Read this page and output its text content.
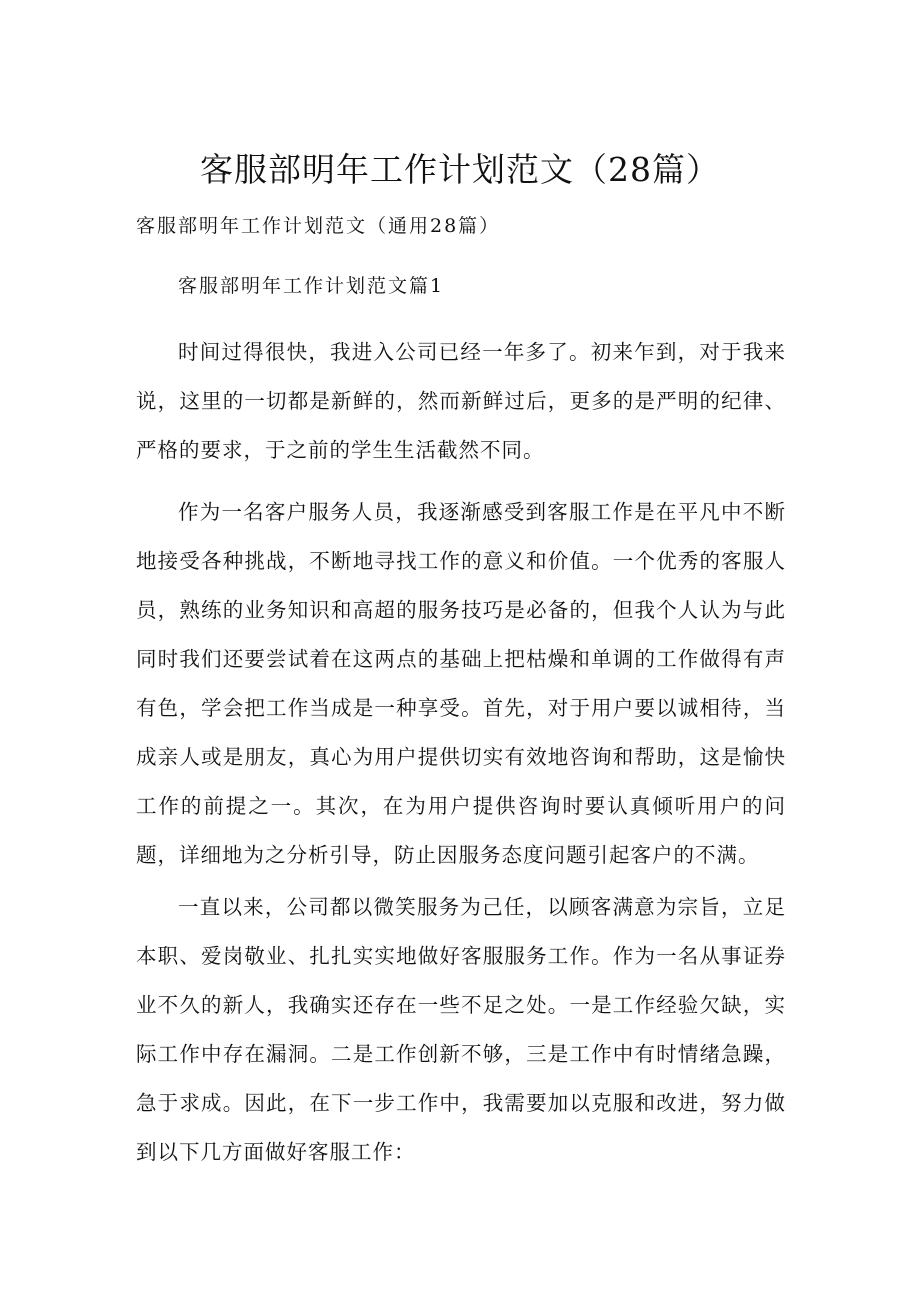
客服部明年工作计划范文（28篇）
客服部明年工作计划范文（通用28篇）
客服部明年工作计划范文篇1

时间过得很快，我进入公司已经一年多了。初来乍到，对于我来说，这里的一切都是新鲜的，然而新鲜过后，更多的是严明的纪律、严格的要求，于之前的学生生活截然不同。

作为一名客户服务人员，我逐渐感受到客服工作是在平凡中不断地接受各种挑战，不断地寻找工作的意义和价值。一个优秀的客服人员，熟练的业务知识和高超的服务技巧是必备的，但我个人认为与此同时我们还要尝试着在这两点的基础上把枯燥和单调的工作做得有声有色，学会把工作当成是一种享受。首先，对于用户要以诚相待，当成亲人或是朋友，真心为用户提供切实有效地咨询和帮助，这是愉快工作的前提之一。其次，在为用户提供咨询时要认真倾听用户的问题，详细地为之分析引导，防止因服务态度问题引起客户的不满。

一直以来，公司都以微笑服务为己任，以顾客满意为宗旨，立足本职、爱岗敬业、扎扎实实地做好客服服务工作。作为一名从事证券业不久的新人，我确实还存在一些不足之处。一是工作经验欠缺，实际工作中存在漏洞。二是工作创新不够，三是工作中有时情绪急躁，急于求成。因此，在下一步工作中，我需要加以克服和改进，努力做到以下几方面做好客服工作：
